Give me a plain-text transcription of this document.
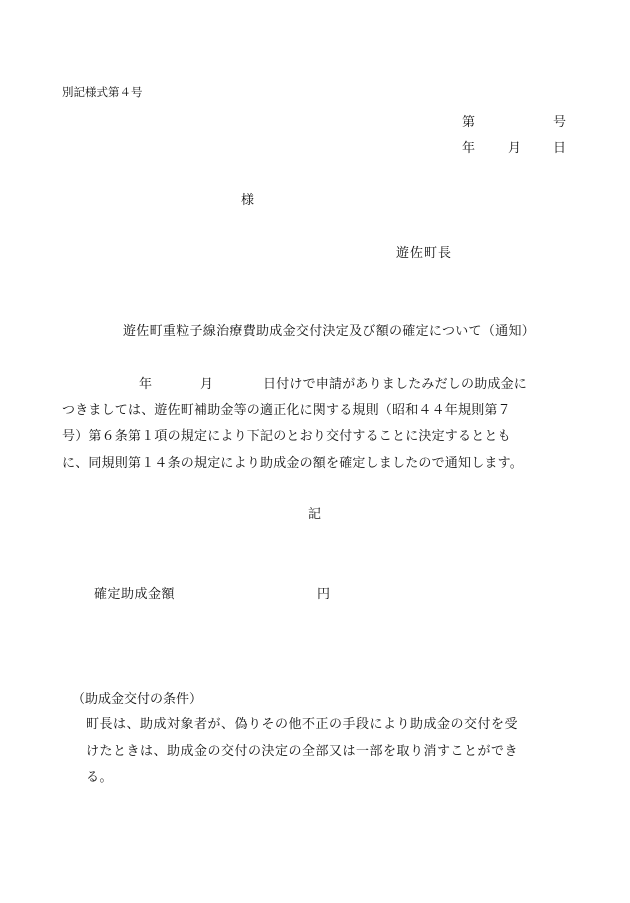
別記様式第４号
第	号
年	月 日
様
遊佐町長
遊佐町重粒子線治療費助成金交付決定及び額の確定について（通知）
年	月	日付けで申請がありましたみだしの助成金に
つきましては、遊佐町補助金等の適正化に関する規則（昭和４４年規則第７
号）第６条第１項の規定により下記のとおり交付することに決定するととも
に、同規則第１４条の規定により助成金の額を確定しましたので通知します。
記
確定助成金額	円
（助成金交付の条件）
町長は、助成対象者が、偽りその他不正の手段により助成金の交付を受
けたときは、助成金の交付の決定の全部又は一部を取り消すことができ
る。
